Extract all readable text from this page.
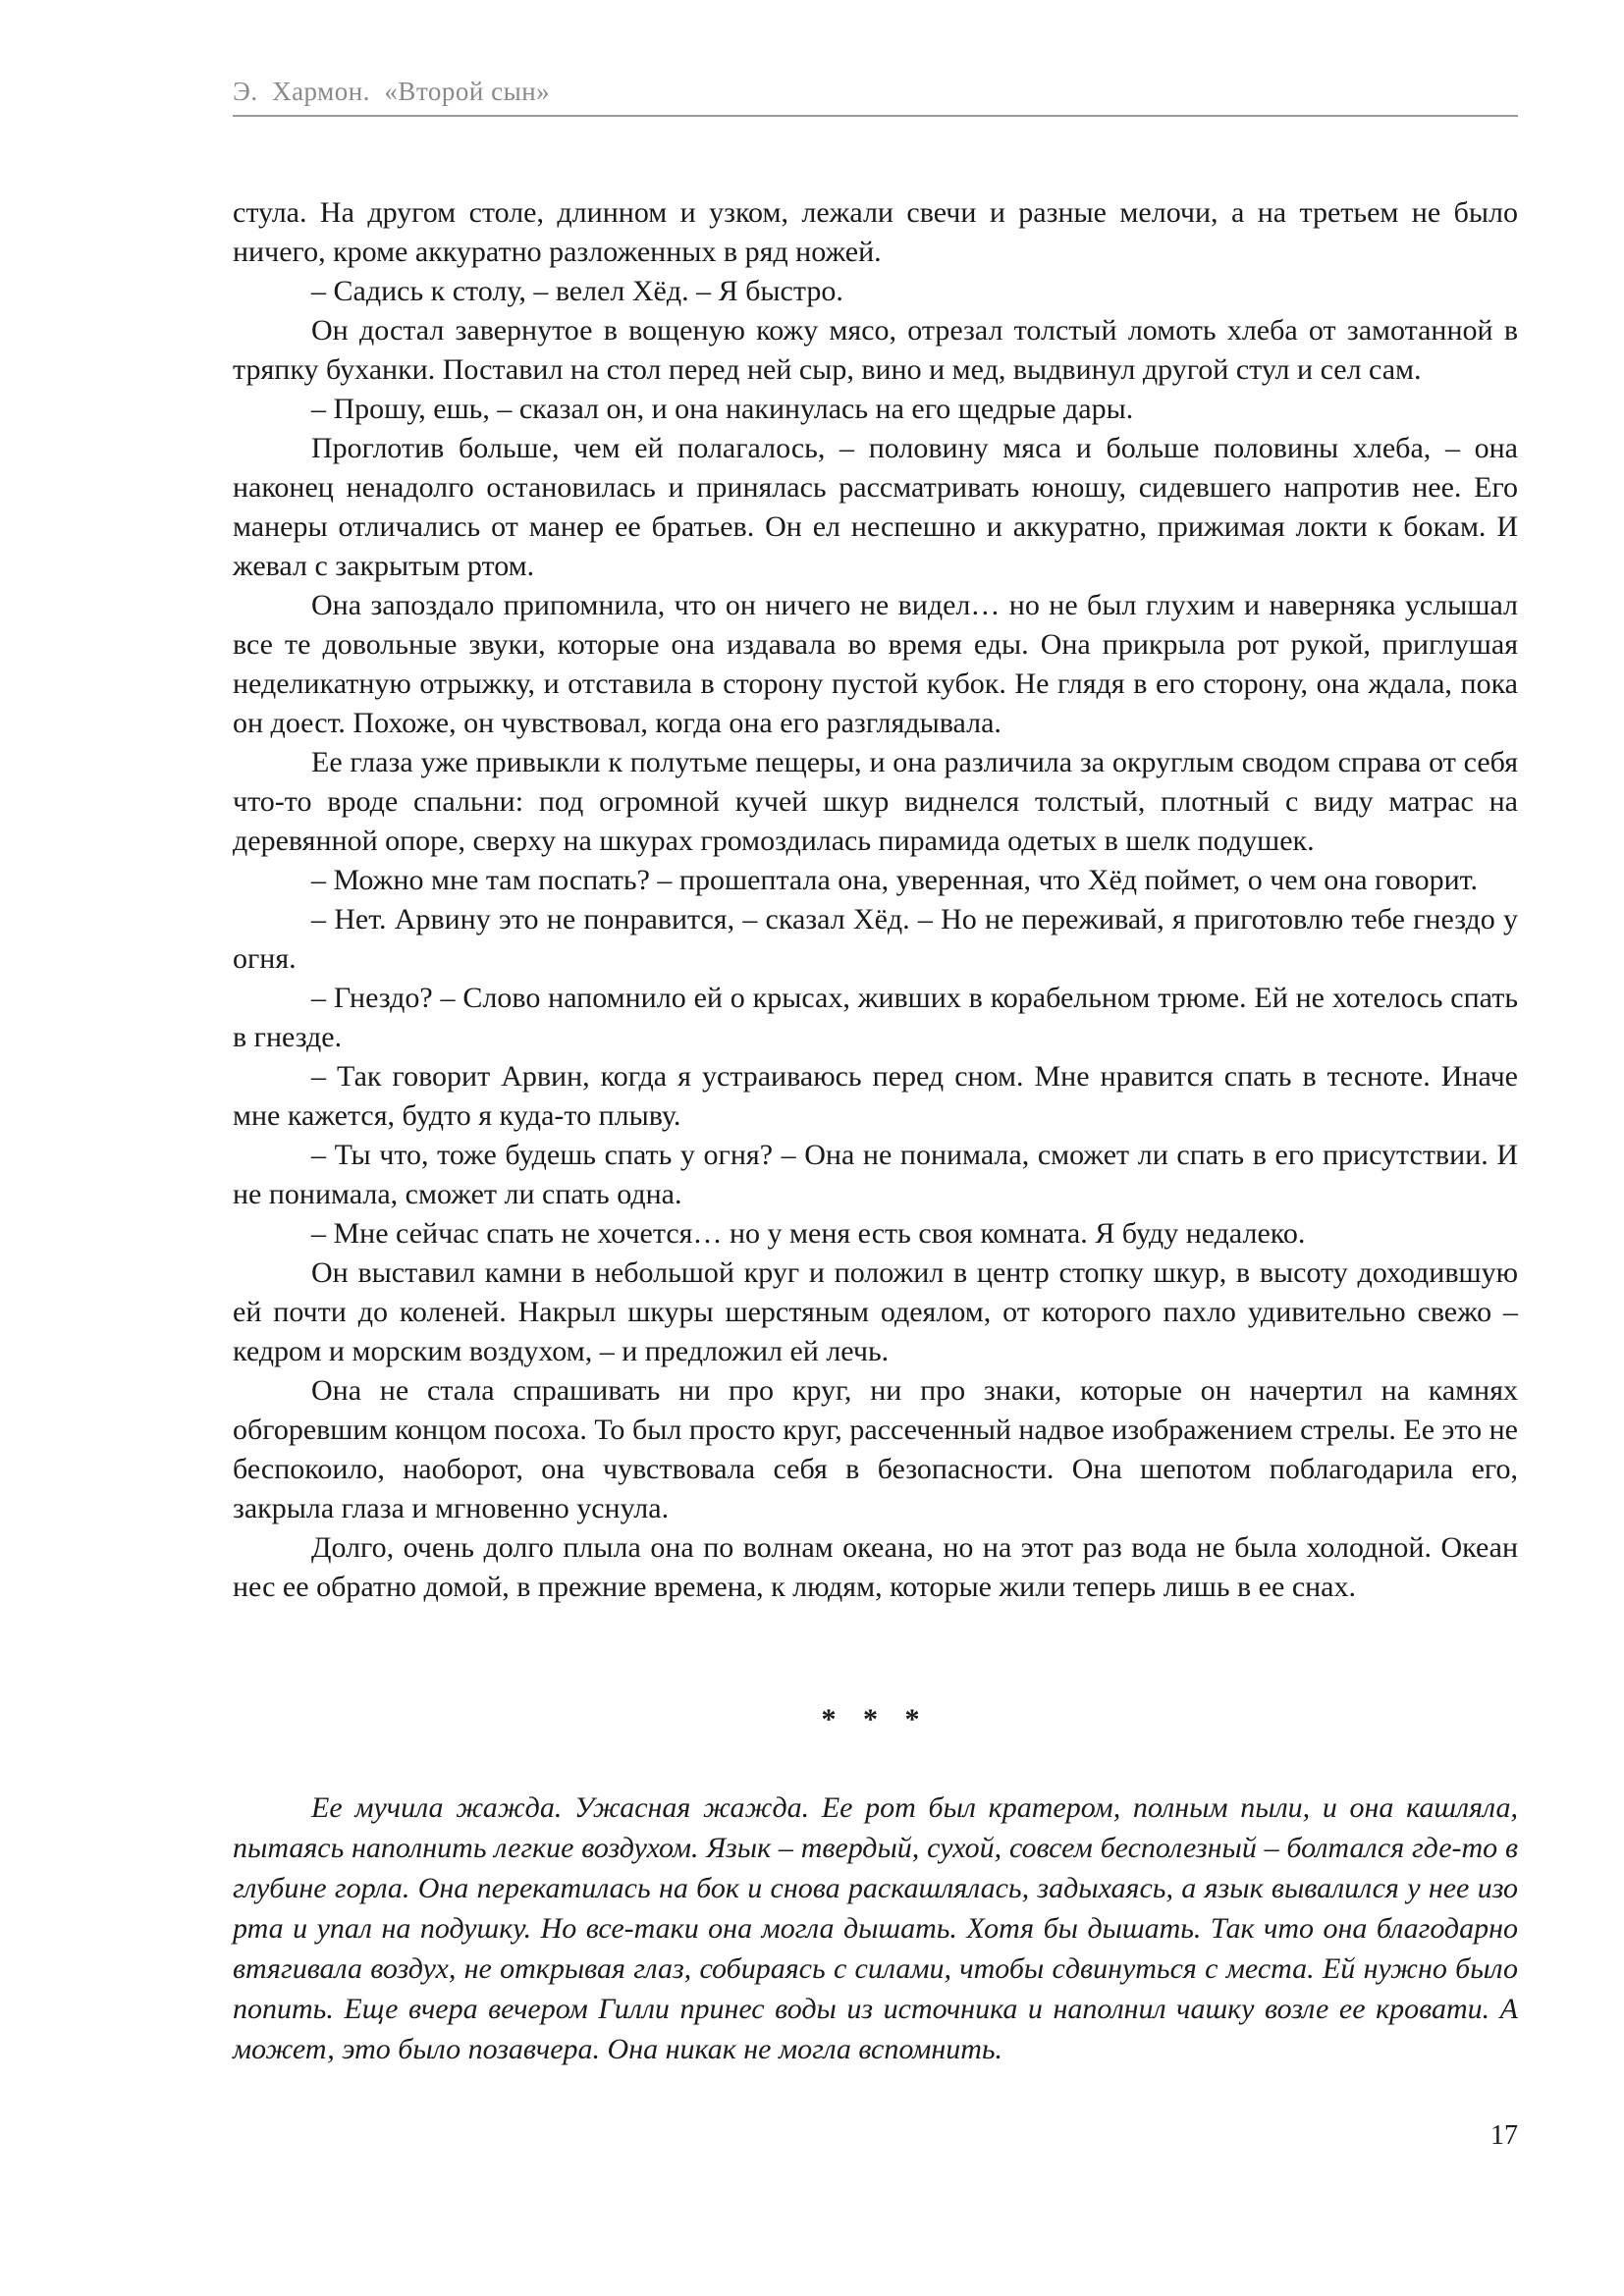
Э.  Хармон.  «Второй сын»

стула. На другом столе, длинном и узком, лежали свечи и разные мелочи, а на третьем не было ничего, кроме аккуратно разложенных в ряд ножей.

– Садись к столу, – велел Хёд. – Я быстро.

Он достал завернутое в вощеную кожу мясо, отрезал толстый ломоть хлеба от замотанной в тряпку буханки. Поставил на стол перед ней сыр, вино и мед, выдвинул другой стул и сел сам.

– Прошу, ешь, – сказал он, и она накинулась на его щедрые дары.

Проглотив больше, чем ей полагалось, – половину мяса и больше половины хлеба, – она наконец ненадолго остановилась и принялась рассматривать юношу, сидевшего напротив нее. Его манеры отличались от манер ее братьев. Он ел неспешно и аккуратно, прижимая локти к бокам. И жевал с закрытым ртом.

Она запоздало припомнила, что он ничего не видел… но не был глухим и наверняка услышал все те довольные звуки, которые она издавала во время еды. Она прикрыла рот рукой, приглушая неделикатную отрыжку, и отставила в сторону пустой кубок. Не глядя в его сторону, она ждала, пока он доест. Похоже, он чувствовал, когда она его разглядывала.

Ее глаза уже привыкли к полутьме пещеры, и она различила за округлым сводом справа от себя что-то вроде спальни: под огромной кучей шкур виднелся толстый, плотный с виду матрас на деревянной опоре, сверху на шкурах громоздилась пирамида одетых в шелк подушек.

– Можно мне там поспать? – прошептала она, уверенная, что Хёд поймет, о чем она говорит.

– Нет. Арвину это не понравится, – сказал Хёд. – Но не переживай, я приготовлю тебе гнездо у огня.

– Гнездо? – Слово напомнило ей о крысах, живших в корабельном трюме. Ей не хотелось спать в гнезде.

– Так говорит Арвин, когда я устраиваюсь перед сном. Мне нравится спать в тесноте. Иначе мне кажется, будто я куда-то плыву.

– Ты что, тоже будешь спать у огня? – Она не понимала, сможет ли спать в его присутствии. И не понимала, сможет ли спать одна.

– Мне сейчас спать не хочется… но у меня есть своя комната. Я буду недалеко.

Он выставил камни в небольшой круг и положил в центр стопку шкур, в высоту доходившую ей почти до коленей. Накрыл шкуры шерстяным одеялом, от которого пахло удивительно свежо – кедром и морским воздухом, – и предложил ей лечь.

Она не стала спрашивать ни про круг, ни про знаки, которые он начертил на камнях обгоревшим концом посоха. То был просто круг, рассеченный надвое изображением стрелы. Ее это не беспокоило, наоборот, она чувствовала себя в безопасности. Она шепотом поблагодарила его, закрыла глаза и мгновенно уснула.

Долго, очень долго плыла она по волнам океана, но на этот раз вода не была холодной. Океан нес ее обратно домой, в прежние времена, к людям, которые жили теперь лишь в ее снах.

* * *

Ее мучила жажда. Ужасная жажда. Ее рот был кратером, полным пыли, и она кашляла, пытаясь наполнить легкие воздухом. Язык – твердый, сухой, совсем бесполезный – болтался где-то в глубине горла. Она перекатилась на бок и снова раскашлялась, задыхаясь, а язык вывалился у нее изо рта и упал на подушку. Но все-таки она могла дышать. Хотя бы дышать. Так что она благодарно втягивала воздух, не открывая глаз, собираясь с силами, чтобы сдвинуться с места. Ей нужно было попить. Еще вчера вечером Гилли принес воды из источника и наполнил чашку возле ее кровати. А может, это было позавчера. Она никак не могла вспомнить.

17
